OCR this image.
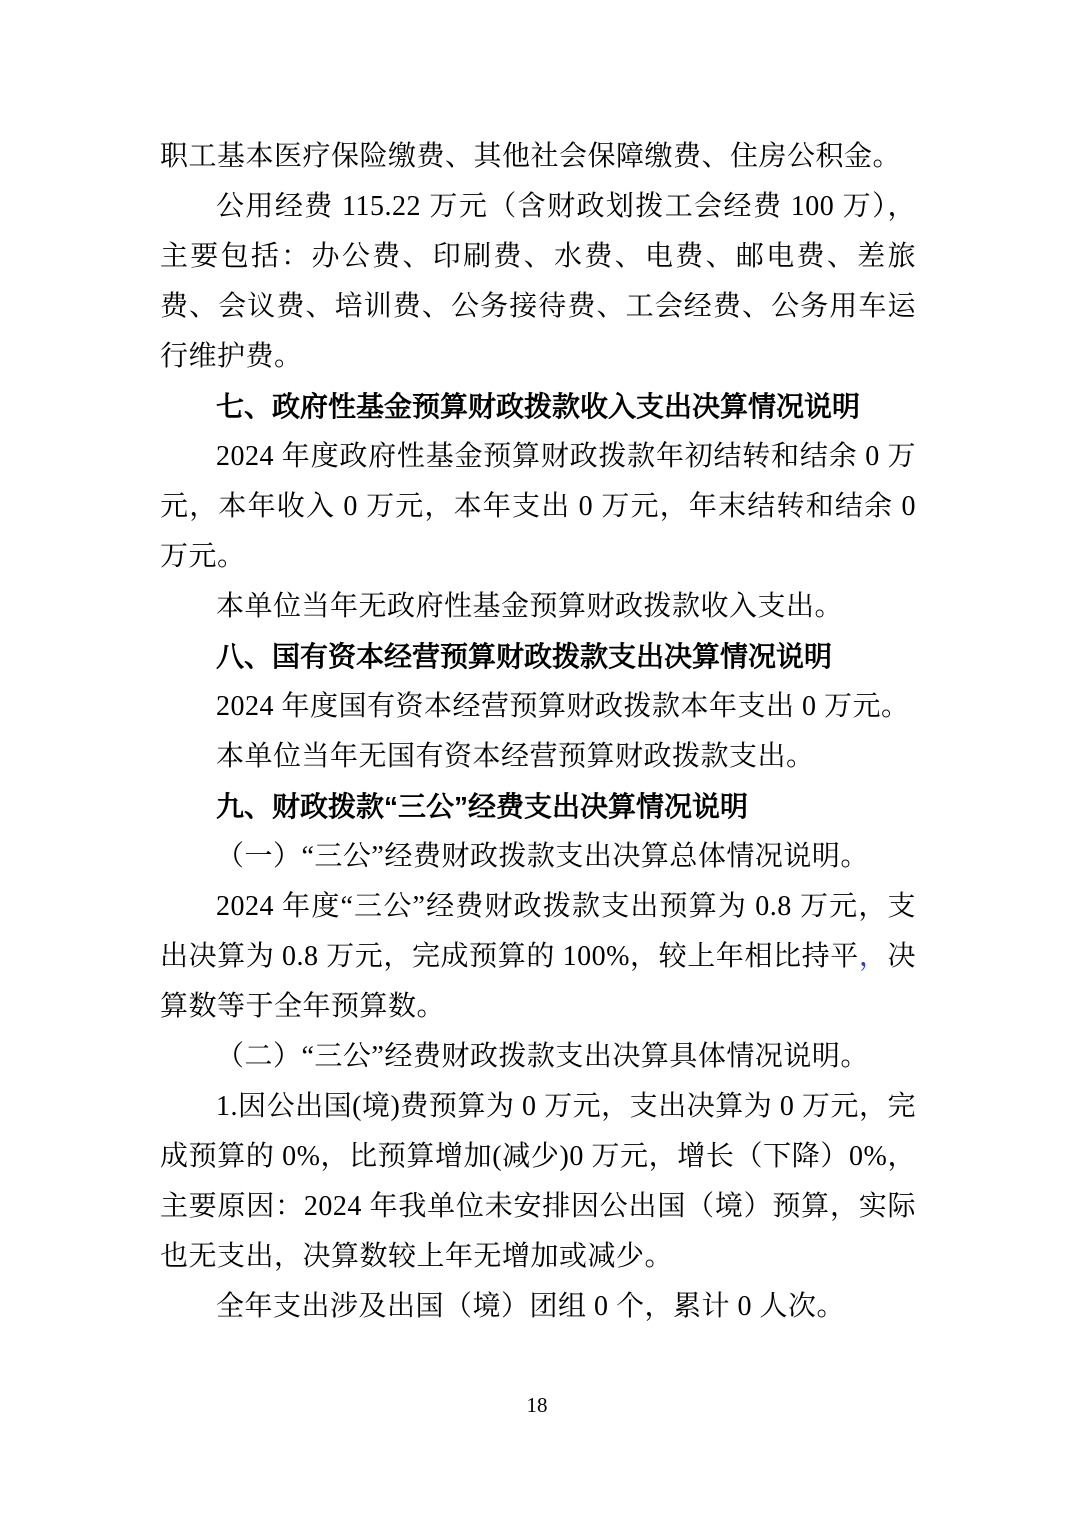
职工基本医疗保险缴费、其他社会保障缴费、住房公积金。

公用经费 115.22 万元（含财政划拨工会经费 100 万），主要包括：办公费、印刷费、水费、电费、邮电费、差旅费、会议费、培训费、公务接待费、工会经费、公务用车运行维护费。

七、政府性基金预算财政拨款收入支出决算情况说明

2024 年度政府性基金预算财政拨款年初结转和结余 0 万元，本年收入 0 万元，本年支出 0 万元，年末结转和结余 0 万元。

本单位当年无政府性基金预算财政拨款收入支出。

八、国有资本经营预算财政拨款支出决算情况说明

2024 年度国有资本经营预算财政拨款本年支出 0 万元。

本单位当年无国有资本经营预算财政拨款支出。

九、财政拨款“三公”经费支出决算情况说明

（一）“三公”经费财政拨款支出决算总体情况说明。

2024 年度“三公”经费财政拨款支出预算为 0.8 万元，支出决算为 0.8 万元，完成预算的 100%，较上年相比持平，决算数等于全年预算数。

（二）“三公”经费财政拨款支出决算具体情况说明。

1.因公出国(境)费预算为 0 万元，支出决算为 0 万元，完成预算的 0%，比预算增加(减少)0 万元，增长（下降）0%，主要原因：2024 年我单位未安排因公出国（境）预算，实际也无支出，决算数较上年无增加或减少。

全年支出涉及出国（境）团组 0 个，累计 0 人次。

18
